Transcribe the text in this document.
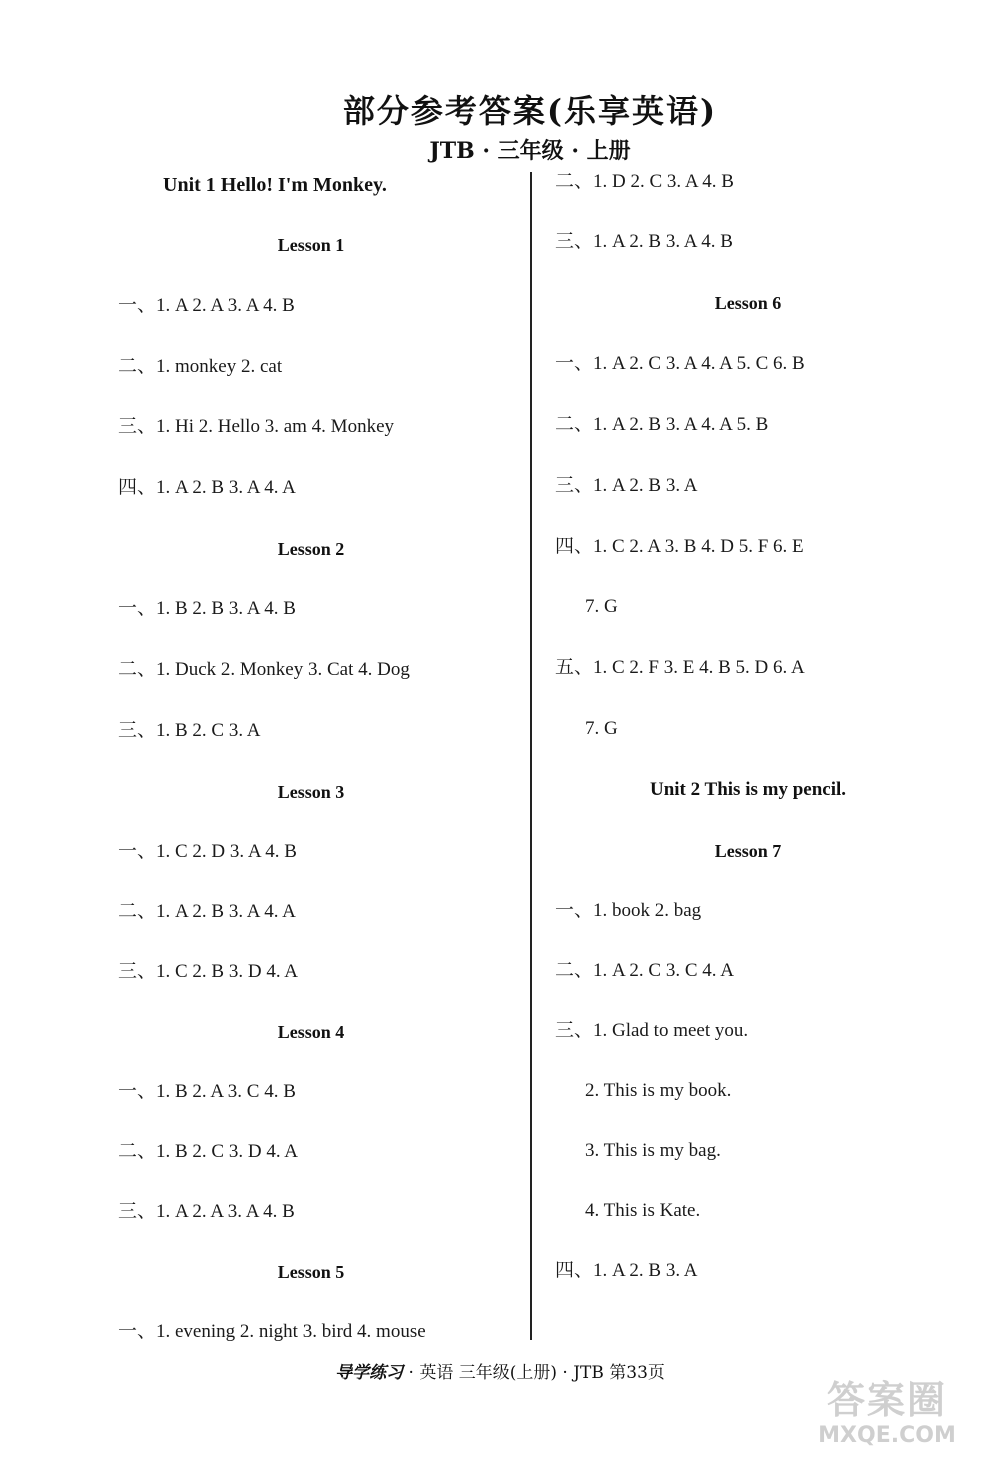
部分参考答案(乐享英语)
JTB · 三年级 · 上册
Unit 1 Hello! I'm Monkey.
Lesson 1
一、1. A 2. A 3. A 4. B
二、1. monkey 2. cat
三、1. Hi 2. Hello 3. am 4. Monkey
四、1. A 2. B 3. A 4. A
Lesson 2
一、1. B 2. B 3. A 4. B
二、1. Duck 2. Monkey 3. Cat 4. Dog
三、1. B 2. C 3. A
Lesson 3
一、1. C 2. D 3. A 4. B
二、1. A 2. B 3. A 4. A
三、1. C 2. B 3. D 4. A
Lesson 4
一、1. B 2. A 3. C 4. B
二、1. B 2. C 3. D 4. A
三、1. A 2. A 3. A 4. B
Lesson 5
一、1. evening 2. night 3. bird 4. mouse
二、1. D 2. C 3. A 4. B
三、1. A 2. B 3. A 4. B
Lesson 6
一、1. A 2. C 3. A 4. A 5. C 6. B
二、1. A 2. B 3. A 4. A 5. B
三、1. A 2. B 3. A
四、1. C 2. A 3. B 4. D 5. F 6. E
7. G
五、1. C 2. F 3. E 4. B 5. D 6. A
7. G
Unit 2 This is my pencil.
Lesson 7
一、1. book 2. bag
二、1. A 2. C 3. C 4. A
三、1. Glad to meet you.
2. This is my book.
3. This is my bag.
4. This is Kate.
四、1. A 2. B 3. A
导学练习 · 英语 三年级(上册) · JTB 第33页
答案圈
MXQE.COM
